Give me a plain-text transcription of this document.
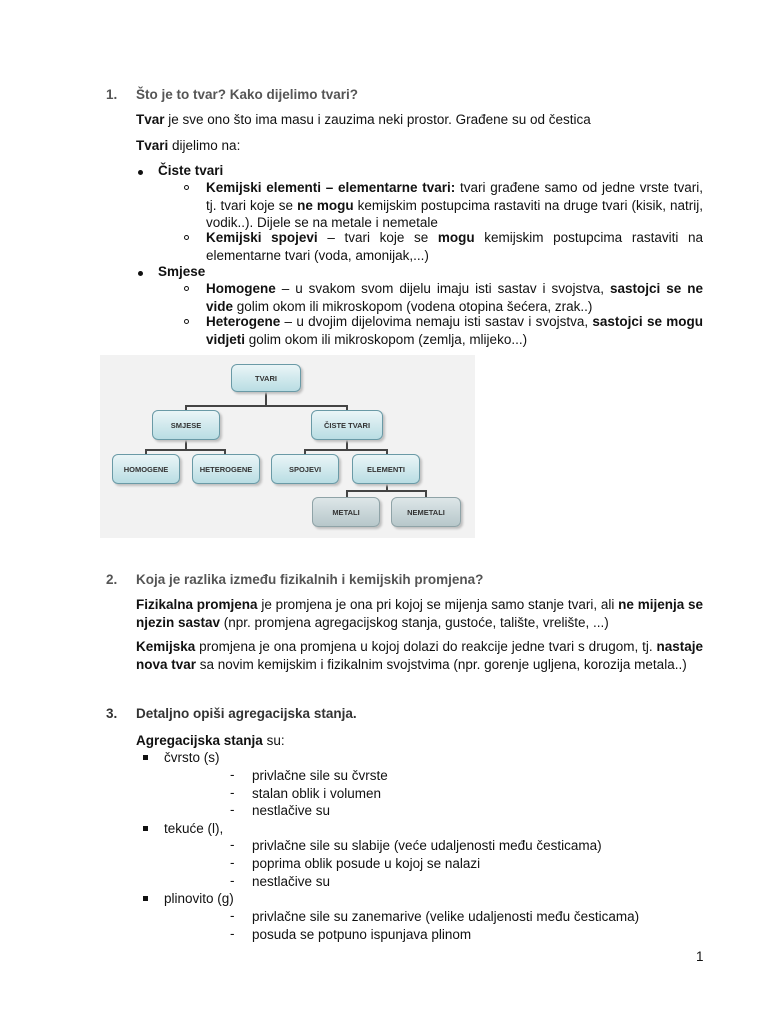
1. Što je to tvar? Kako dijelimo tvari?
Tvar je sve ono što ima masu i zauzima neki prostor. Građene su od čestica
Tvari dijelimo na:
Čiste tvari
Kemijski elementi – elementarne tvari: tvari građene samo od jedne vrste tvari, tj. tvari koje se ne mogu kemijskim postupcima rastaviti na druge tvari (kisik, natrij, vodik..). Dijele se na metale i nemetale
Kemijski spojevi – tvari koje se mogu kemijskim postupcima rastaviti na elementarne tvari (voda, amonijak,...)
Smjese
Homogene – u svakom svom dijelu imaju isti sastav i svojstva, sastojci se ne vide golim okom ili mikroskopom (vodena otopina šećera, zrak..)
Heterogene – u dvojim dijelovima nemaju isti sastav i svojstva, sastojci se mogu vidjeti golim okom ili mikroskopom (zemlja, mlijeko...)
TVARI
SMJESE	ČISTE TVARI
HOMOGENE	HETEROGENE	SPOJEVI	ELEMENTI
METALI	NEMETALI
2. Koja je razlika između fizikalnih i kemijskih promjena?
Fizikalna promjena je promjena je ona pri kojoj se mijenja samo stanje tvari, ali ne mijenja se njezin sastav (npr. promjena agregacijskog stanja, gustoće, talište, vrelište, ...)
Kemijska promjena je ona promjena u kojoj dolazi do reakcije jedne tvari s drugom, tj. nastaje nova tvar sa novim kemijskim i fizikalnim svojstvima (npr. gorenje ugljena, korozija metala..)
3. Detaljno opiši agregacijska stanja.
Agregacijska stanja su:
čvrsto (s)
- privlačne sile su čvrste
- stalan oblik i volumen
- nestlačive su
tekuće (l),
- privlačne sile su slabije (veće udaljenosti među česticama)
- poprima oblik posude u kojoj se nalazi
- nestlačive su
plinovito (g)
- privlačne sile su zanemarive (velike udaljenosti među česticama)
- posuda se potpuno ispunjava plinom
1
